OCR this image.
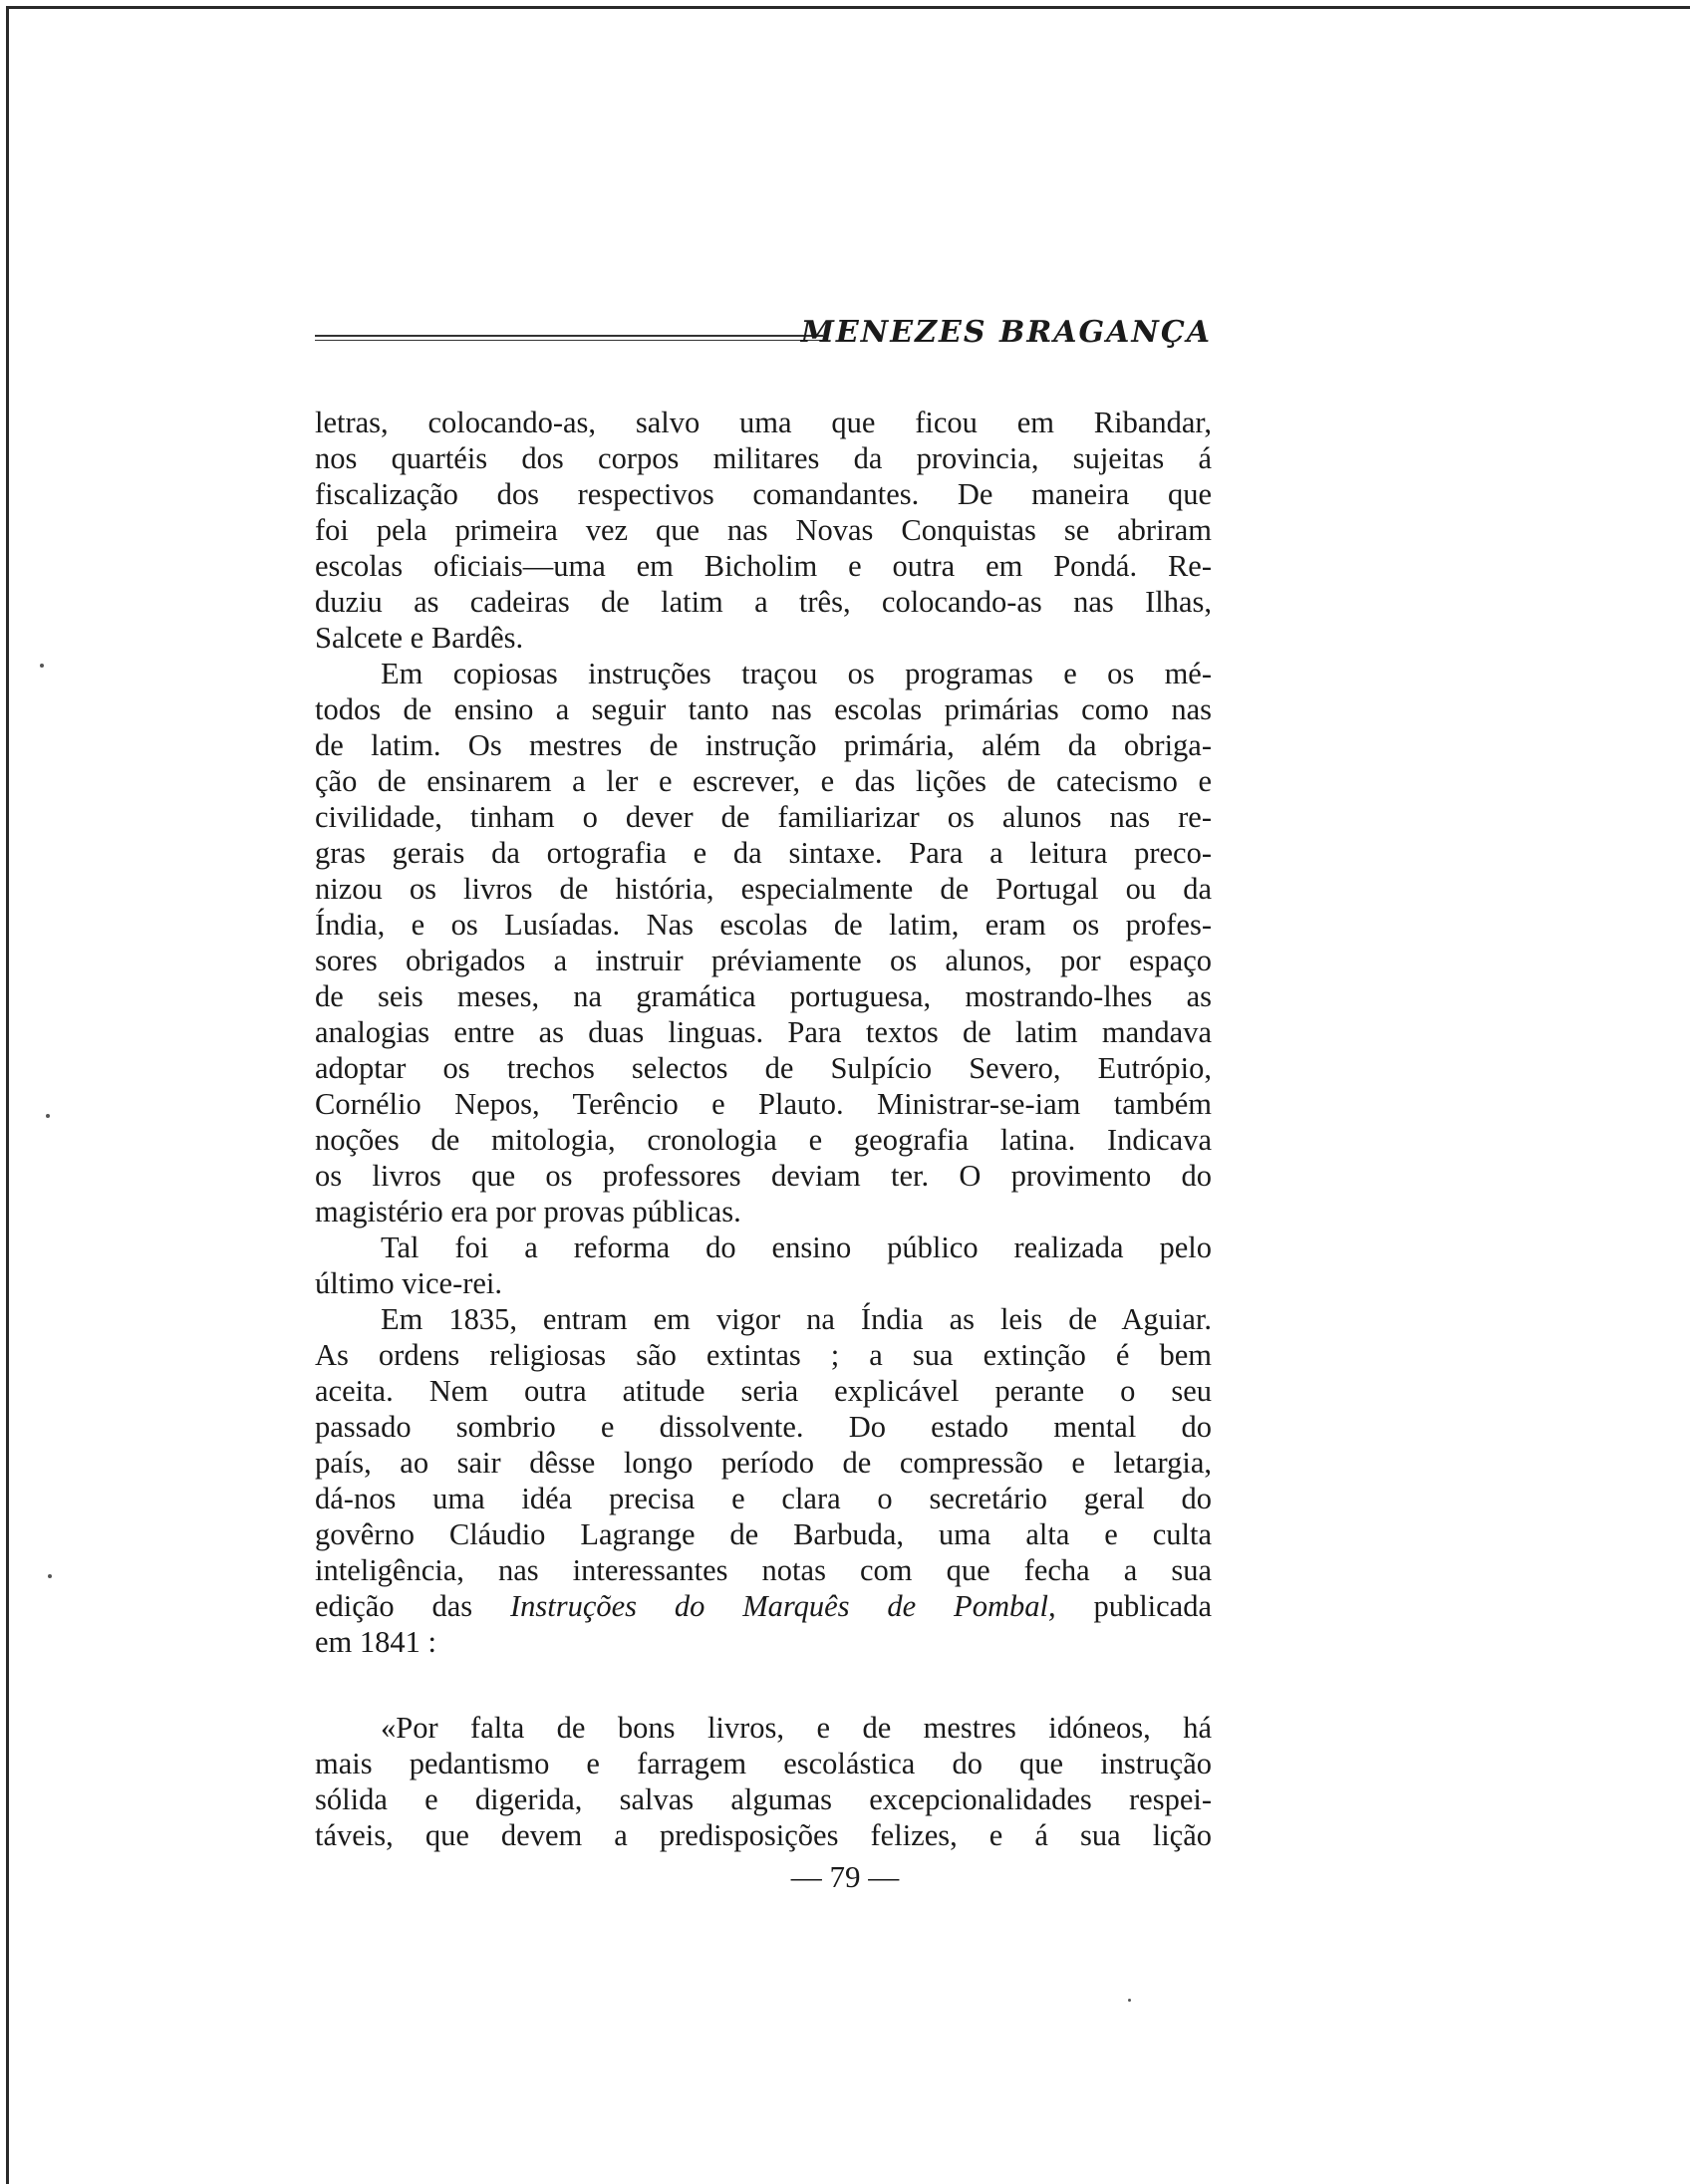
MENEZES BRAGANÇA
letras, colocando-as, salvo uma que ficou em Ribandar,
nos quartéis dos corpos militares da provincia, sujeitas á
fiscalização dos respectivos comandantes. De maneira que
foi pela primeira vez que nas Novas Conquistas se abriram
escolas oficiais—uma em Bicholim e outra em Pondá. Re-
duziu as cadeiras de latim a três, colocando-as nas Ilhas,
Salcete e Bardês.
Em copiosas instruções traçou os programas e os mé-
todos de ensino a seguir tanto nas escolas primárias como nas
de latim. Os mestres de instrução primária, além da obriga-
ção de ensinarem a ler e escrever, e das lições de catecismo e
civilidade, tinham o dever de familiarizar os alunos nas re-
gras gerais da ortografia e da sintaxe. Para a leitura preco-
nizou os livros de história, especialmente de Portugal ou da
Índia, e os Lusíadas. Nas escolas de latim, eram os profes-
sores obrigados a instruir préviamente os alunos, por espaço
de seis meses, na gramática portuguesa, mostrando-lhes as
analogias entre as duas linguas. Para textos de latim mandava
adoptar os trechos selectos de Sulpício Severo, Eutrópio,
Cornélio Nepos, Terêncio e Plauto. Ministrar-se-iam também
noções de mitologia, cronologia e geografia latina. Indicava
os livros que os professores deviam ter. O provimento do
magistério era por provas públicas.
Tal foi a reforma do ensino público realizada pelo
último vice-rei.
Em 1835, entram em vigor na Índia as leis de Aguiar.
As ordens religiosas são extintas ; a sua extinção é bem
aceita. Nem outra atitude seria explicável perante o seu
passado sombrio e dissolvente. Do estado mental do
país, ao sair dêsse longo período de compressão e letargia,
dá-nos uma idéa precisa e clara o secretário geral do
govêrno Cláudio Lagrange de Barbuda, uma alta e culta
inteligência, nas interessantes notas com que fecha a sua
edição das Instruções do Marquês de Pombal, publicada
em 1841 :
«Por falta de bons livros, e de mestres idóneos, há
mais pedantismo e farragem escolástica do que instrução
sólida e digerida, salvas algumas excepcionalidades respei-
táveis, que devem a predisposições felizes, e á sua lição
— 79 —
